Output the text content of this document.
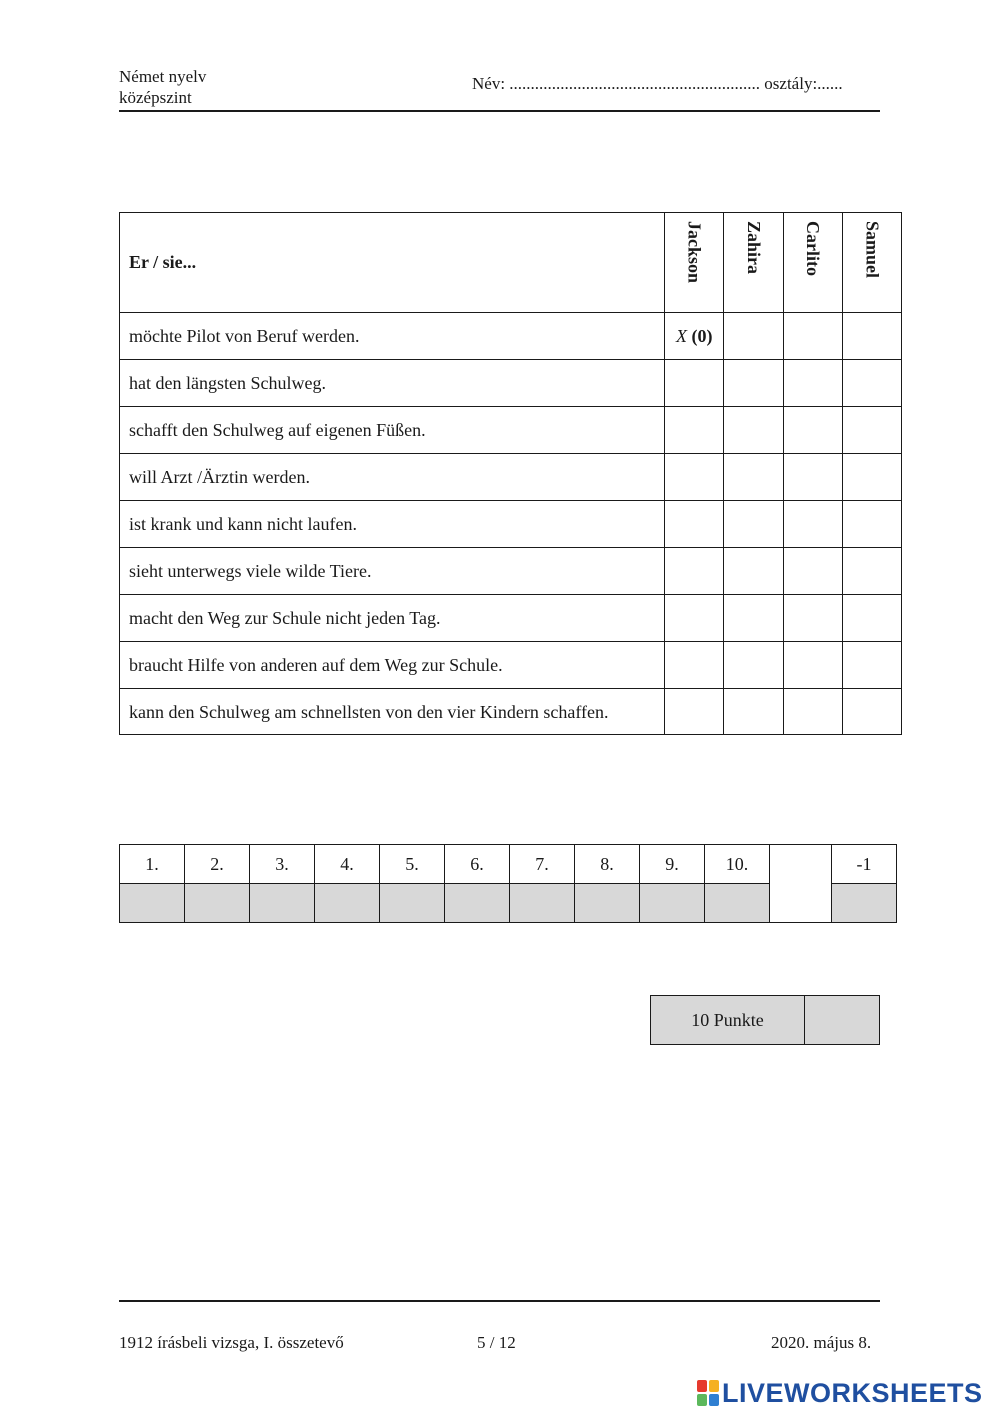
Német nyelv
középszint
Név: ........................................................... osztály:......
Er / sie...	Jackson	Zahira	Carlito	Samuel
möchte Pilot von Beruf werden.	X (0)			
hat den längsten Schulweg.				
schafft den Schulweg auf eigenen Füßen.				
will Arzt /Ärztin werden.				
ist krank und kann nicht laufen.				
sieht unterwegs viele wilde Tiere.				
macht den Weg zur Schule nicht jeden Tag.				
braucht Hilfe von anderen auf dem Weg zur Schule.				
kann den Schulweg am schnellsten von den vier Kindern schaffen.				
1.	2.	3.	4.	5.	6.	7.	8.	9.	10.		-1

10 Punkte
1912 írásbeli vizsga, I. összetevő	5 / 12	2020. május 8.
LIVEWORKSHEETS
